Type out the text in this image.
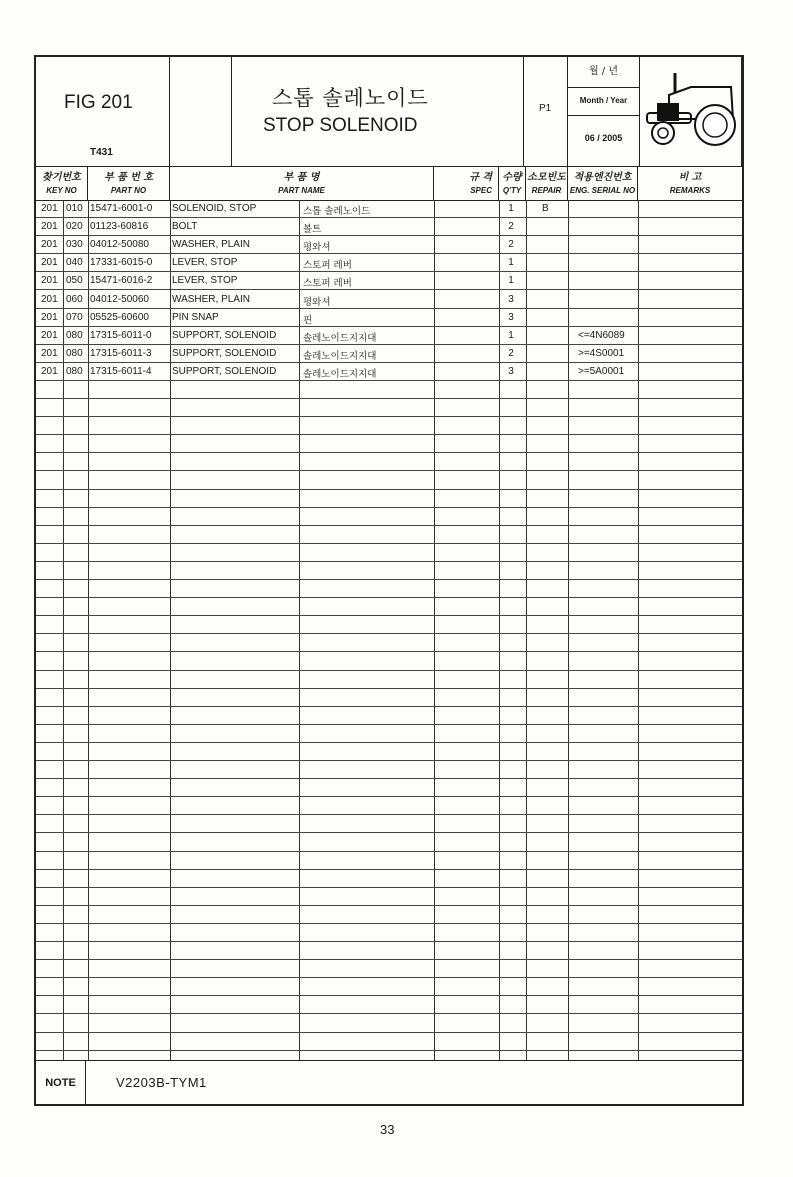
FIG 201
T431
스톱 솔레노이드
STOP SOLENOID
P1
월 / 년
Month / Year
06 / 2005
찾기번호
KEY NO
부 품 번 호
PART NO
부 품 명
PART NAME
규 격
SPEC
수량
Q'TY
소모빈도
REPAIR
적용엔진번호
ENG. SERIAL NO
비 고
REMARKS
201 010 15471-6001-0 SOLENOID, STOP	스톱 솔레노이드	1	B
201 020 01123-60816 BOLT	볼트	2
201 030 04012-50080 WASHER, PLAIN	평와셔	2
201 040 17331-6015-0 LEVER, STOP	스토퍼 레버	1
201 050 15471-6016-2 LEVER, STOP	스토퍼 레버	1
201 060 04012-50060 WASHER, PLAIN	평와셔	3
201 070 05525-60600 PIN SNAP	핀	3
201 080 17315-6011-0 SUPPORT, SOLENOID	솔레노이드지지대	1	<=4N6089
201 080 17315-6011-3 SUPPORT, SOLENOID	솔레노이드지지대	2	>=4S0001
201 080 17315-6011-4 SUPPORT, SOLENOID	솔레노이드지지대	3	>=5A0001
NOTE	V2203B-TYM1
33
